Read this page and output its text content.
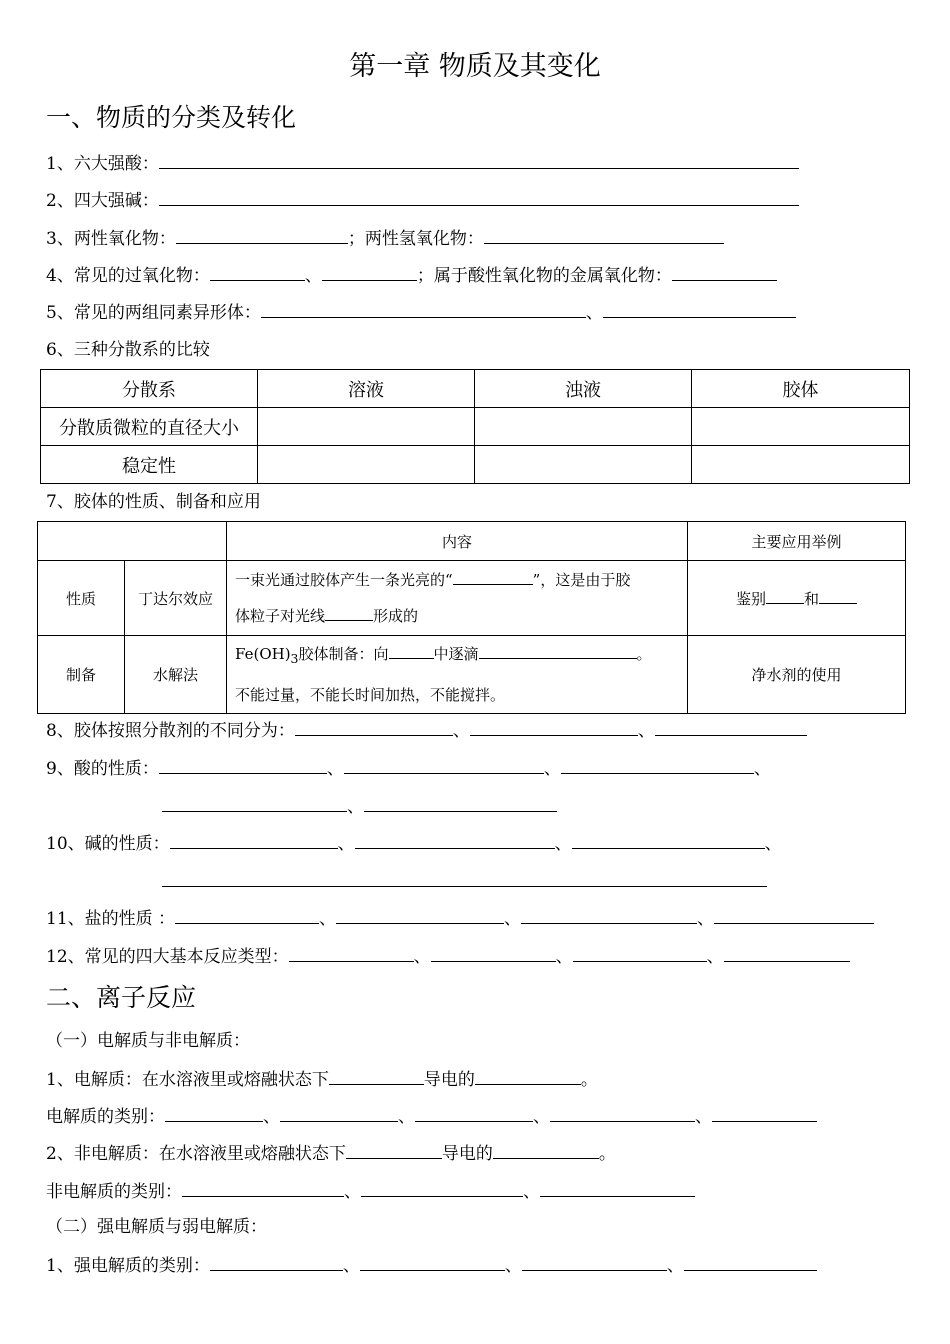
第一章 物质及其变化
一、物质的分类及转化
1、六大强酸：
2、四大强碱：
3、两性氧化物：	；两性氢氧化物：
4、常见的过氧化物：	、	；属于酸性氧化物的金属氧化物：
5、常见的两组同素异形体：	、
6、三种分散系的比较
分散系	溶液	浊液	胶体
分散质微粒的直径大小			
稳定性			
7、胶体的性质、制备和应用
		内容	主要应用举例
性质	丁达尔效应	一束光通过胶体产生一条光亮的“ ”，这是由于胶
体粒子对光线 形成的	鉴别 和
制备	水解法	$Fe(OH)_3$胶体制备：向 中逐滴 。
不能过量，不能长时间加热，不能搅拌。	净水剂的使用
8、胶体按照分散剂的不同分为：	、	、
9、酸的性质：	、	、	、
、
10、碱的性质：	、	、	、
11、盐的性质 ：	、	、	、
12、常见的四大基本反应类型：	、	、	、
二、离子反应
（一）电解质与非电解质：
1、电解质：在水溶液里或熔融状态下	导电的	。
电解质的类别：	、	、	、	、
2、非电解质：在水溶液里或熔融状态下	导电的	。
非电解质的类别：	、	、
（二）强电解质与弱电解质：
1、强电解质的类别：	、	、	、
